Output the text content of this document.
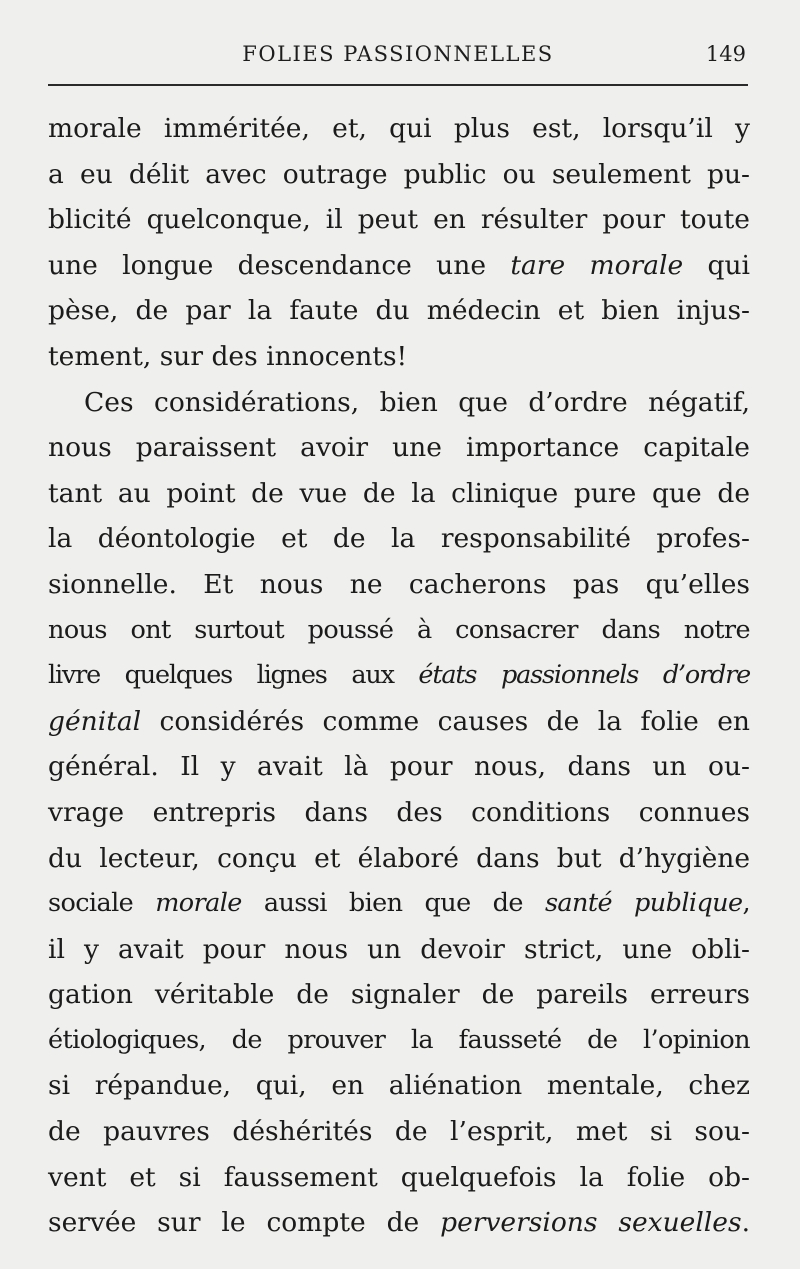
FOLIES PASSIONNELLES	149
morale imméritée, et, qui plus est, lorsqu’il y
a eu délit avec outrage public ou seulement pu-
blicité quelconque, il peut en résulter pour toute
une longue descendance une tare morale qui
pèse, de par la faute du médecin et bien injus-
tement, sur des innocents!
Ces considérations, bien que d’ordre négatif,
nous paraissent avoir une importance capitale
tant au point de vue de la clinique pure que de
la déontologie et de la responsabilité profes-
sionnelle. Et nous ne cacherons pas qu’elles
nous ont surtout poussé à consacrer dans notre
livre quelques lignes aux états passionnels d’ordre
génital considérés comme causes de la folie en
général. Il y avait là pour nous, dans un ou-
vrage entrepris dans des conditions connues
du lecteur, conçu et élaboré dans but d’hygiène
sociale morale aussi bien que de santé publique,
il y avait pour nous un devoir strict, une obli-
gation véritable de signaler de pareils erreurs
étiologiques, de prouver la fausseté de l’opinion
si répandue, qui, en aliénation mentale, chez
de pauvres déshérités de l’esprit, met si sou-
vent et si faussement quelquefois la folie ob-
servée sur le compte de perversions sexuelles.
